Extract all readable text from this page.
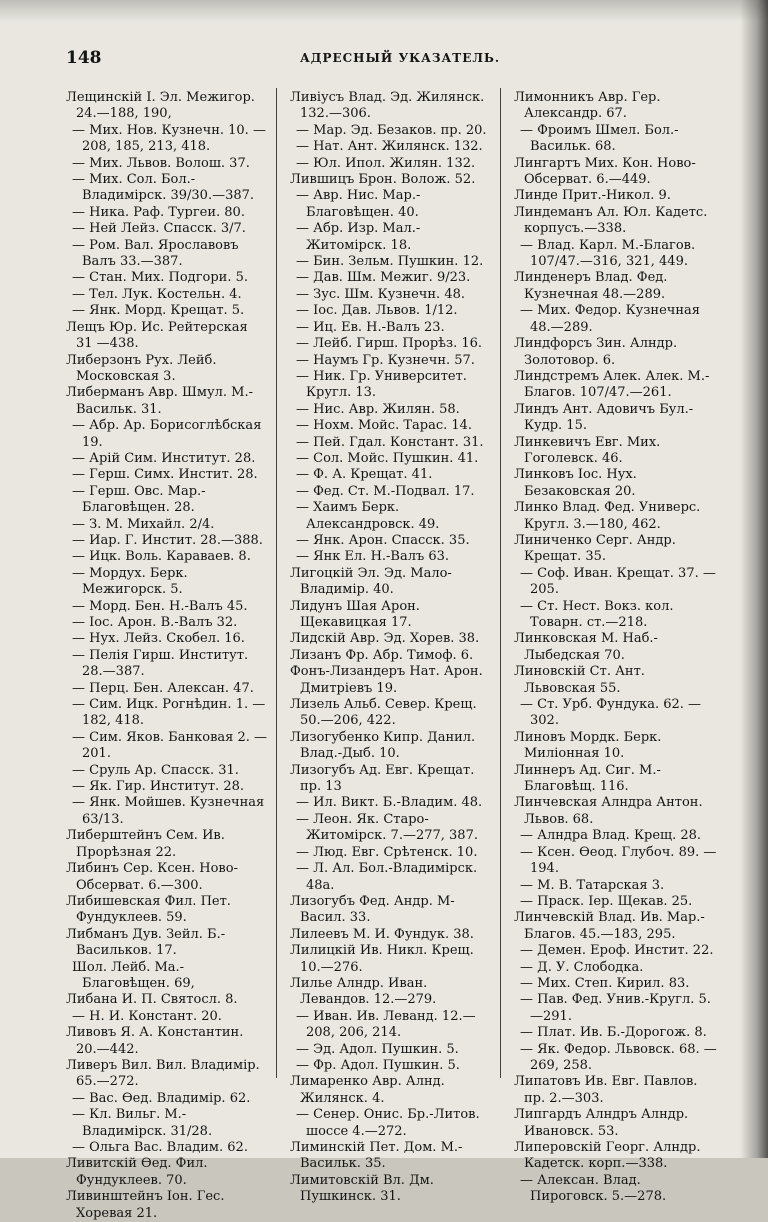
148	АДРЕСНЫЙ УКАЗАТЕЛЬ.
Лещинскій І. Эл. Межигор. 24.—188, 190,
— Мих. Нов. Кузнечн. 10. —208, 185, 213, 418.
— Мих. Львов. Волош. 37.
— Мих. Сол. Бол.-Владимірск. 39/30.—387.
— Ника. Раф. Тургеи. 80.
— Ней Лейз. Спасск. 3/7.
— Ром. Вал. Ярославовъ Валъ 33.—387.
— Стан. Мих. Подгори. 5.
— Тел. Лук. Костельн. 4.
— Янк. Морд. Крещат. 5.
Лещъ Юр. Ис. Рейтерская 31 —438.
Либерзонъ Рух. Лейб. Московская 3.
Либерманъ Авр. Шмул. М.-Васильк. 31.
— Абр. Ар. Борисоглѣбская 19.
— Арій Сим. Институт. 28.
— Герш. Симх. Инстит. 28.
— Герш. Овс. Мар.-Благовѣщен. 28.
— З. М. Михайл. 2/4.
— Иар. Г. Инстит. 28.—388.
— Ицк. Воль. Караваев. 8.
— Мордух. Берк. Межигорск. 5.
— Морд. Бен. Н.-Валъ 45.
— Іос. Арон. В.-Валъ 32.
— Нух. Лейз. Скобел. 16.
— Пелія Гирш. Институт. 28.—387.
— Перц. Бен. Алексан. 47.
— Сим. Ицк. Рогнѣдин. 1. —182, 418.
— Сим. Яков. Банковая 2. —201.
— Сруль Ар. Спасск. 31.
— Як. Гир. Институт. 28.
— Янк. Мойшев. Кузнечная 63/13.
Либерштейнъ Сем. Ив. Прорѣзная 22.
Либинъ Сер. Ксен. Ново-Обсерват. 6.—300.
Либишевская Фил. Пет. Фундуклеев. 59.
Либманъ Дув. Зейл. Б.-Васильков. 17.
Шол. Лейб. Ма.-Благовѣщен. 69,
Либана И. П. Святосл. 8.
— Н. И. Констант. 20.
Ливовъ Я. А. Константин. 20.—442.
Ливеръ Вил. Вил. Владимір. 65.—272.
— Вас. Өед. Владимір. 62.
— Кл. Вильг. М.-Владимірск. 31/28.
— Ольга Вас. Владим. 62.
Ливитскій Өед. Фил. Фундуклеев. 70.
Ливинштейнъ Іон. Гес. Хоревая 21.
Ливіусъ Влад. Эд. Жилянск. 132.—306.
— Мар. Эд. Безаков. пр. 20.
— Нат. Ант. Жилянск. 132.
— Юл. Ипол. Жилян. 132.
Лившицъ Брон. Волож. 52.
— Авр. Нис. Мар.-Благовѣщен. 40.
— Абр. Изр. Мал.-Житомірск. 18.
— Бин. Зельм. Пушкин. 12.
— Дав. Шм. Межиг. 9/23.
— Зус. Шм. Кузнечн. 48.
— Іос. Дав. Львов. 1/12.
— Иц. Ев. Н.-Валъ 23.
— Лейб. Гирш. Прорѣз. 16.
— Наумъ Гр. Кузнечн. 57.
— Ник. Гр. Университет. Кругл. 13.
— Нис. Авр. Жилян. 58.
— Нохм. Мойс. Тарас. 14.
— Пей. Гдал. Констант. 31.
— Сол. Мойс. Пушкин. 41.
— Ф. А. Крещат. 41.
— Фед. Ст. М.-Подвал. 17.
— Хаимъ Берк. Александровск. 49.
— Янк. Арон. Спасск. 35.
— Янк Ел. Н.-Валъ 63.
Лигоцкій Эл. Эд. Мало-Владимір. 40.
Лидунъ Шая Арон. Щекавицкая 17.
Лидскій Авр. Эд. Хорев. 38.
Лизанъ Фр. Абр. Тимоф. 6.
Фонъ-Лизандеръ Нат. Арон. Дмитріевъ 19.
Лизель Альб. Север. Крещ. 50.—206, 422.
Лизогубенко Кипр. Данил. Влад.-Дыб. 10.
Лизогубъ Ад. Евг. Крещат. пр. 13
— Ил. Викт. Б.-Владим. 48.
— Леон. Як. Старо-Житомірск. 7.—277, 387.
— Люд. Евг. Срѣтенск. 10.
— Л. Ал. Бол.-Владимірск. 48а.
Лизогубъ Фед. Андр. М-Васил. 33.
Лилеевъ М. И. Фундук. 38.
Лилицкій Ив. Никл. Крещ. 10.—276.
Лилье Алндр. Иван. Левандов. 12.—279.
— Иван. Ив. Леванд. 12.— 208, 206, 214.
— Эд. Адол. Пушкин. 5.
— Фр. Адол. Пушкин. 5.
Лимаренко Авр. Алнд. Жилянск. 4.
— Сенер. Онис. Бр.-Литов. шоссе 4.—272.
Лиминскій Пет. Дом. М.-Васильк. 35.
Лимитовскій Вл. Дм. Пушкинск. 31.
Лимонникъ Авр. Гер. Александр. 67.
— Фроимъ Шмел. Бол.-Васильк. 68.
Лингартъ Мих. Кон. Ново-Обсерват. 6.—449.
Линде Прит.-Никол. 9.
Линдеманъ Ал. Юл. Кадетс. корпусъ.—338.
— Влад. Карл. М.-Благов. 107/47.—316, 321, 449.
Линденеръ Влад. Фед. Кузнечная 48.—289.
— Мих. Федор. Кузнечная 48.—289.
Линдфорсъ Зин. Алндр. Золотовор. 6.
Линдстремъ Алек. Алек. М.-Благов. 107/47.—261.
Линдъ Ант. Адовичъ Бул.-Кудр. 15.
Линкевичъ Евг. Мих. Гоголевск. 46.
Линковъ Іос. Нух. Безаковская 20.
Линко Влад. Фед. Универс. Кругл. 3.—180, 462.
Линиченко Серг. Андр. Крещат. 35.
— Соф. Иван. Крещат. 37. —205.
— Ст. Нест. Вокз. кол. Товарн. ст.—218.
Линковская М. Наб.-Лыбедская 70.
Линовскій Ст. Ант. Львовская 55.
— Ст. Урб. Фундука. 62. —302.
Линовъ Мордк. Берк. Миліонная 10.
Линнеръ Ад. Сиг. М.-Благовѣщ. 116.
Линчевская Алндра Антон. Львов. 68.
— Алндра Влад. Крещ. 28.
— Ксен. Өеод. Глубоч. 89. —194.
— М. В. Татарская 3.
— Праск. Іер. Щекав. 25.
Линчевскій Влад. Ив. Мар.-Благов. 45.—183, 295.
— Демен. Ероф. Инстит. 22.
— Д. У. Слободка.
— Мих. Степ. Кирил. 83.
— Пав. Фед. Унив.-Кругл. 5.—291.
— Плат. Ив. Б.-Дорогож. 8.
— Як. Федор. Львовск. 68. —269, 258.
Липатовъ Ив. Евг. Павлов. пр. 2.—303.
Липгардъ Алндръ Алндр. Ивановск. 53.
Липеровскій Георг. Алндр. Кадетск. корп.—338.
— Алексан. Влад. Пироговск. 5.—278.
